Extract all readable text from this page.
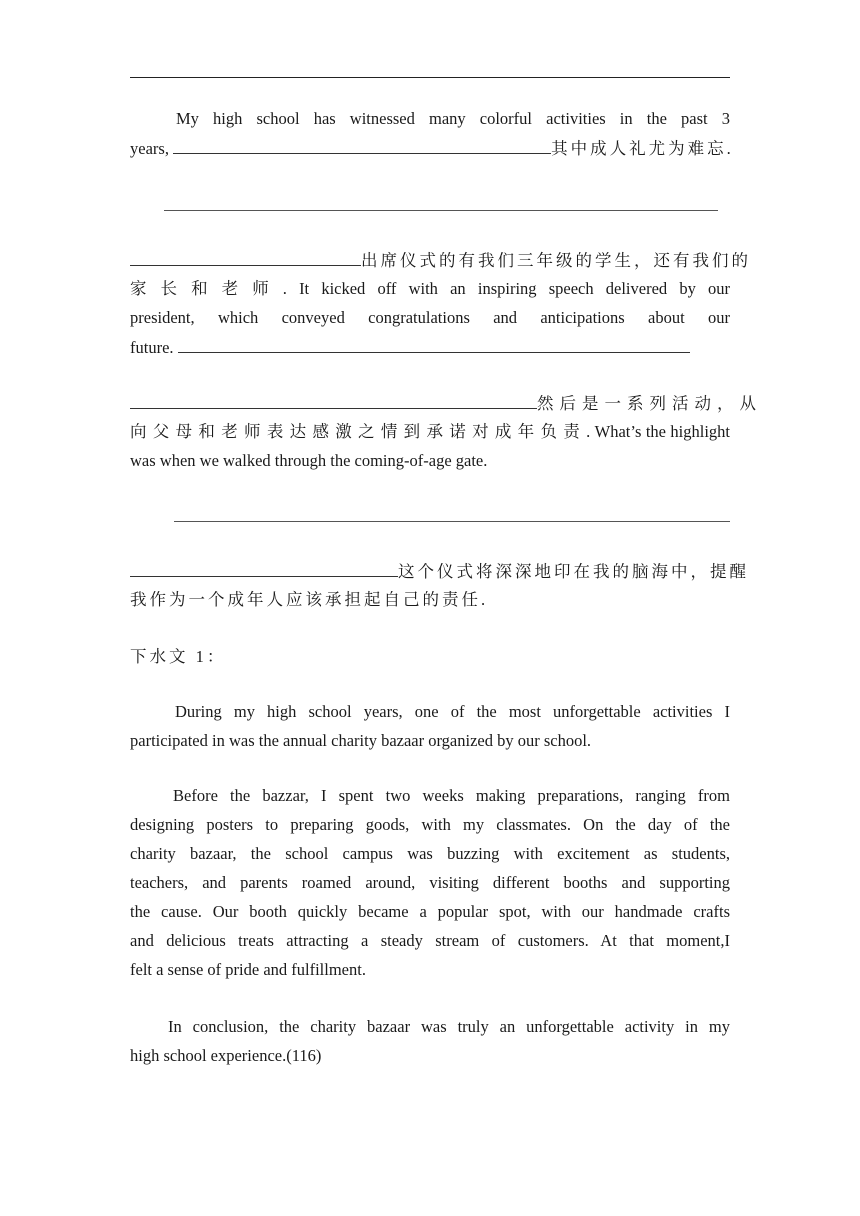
My high school has witnessed many colorful activities in the past 3
years,	其中成人礼尤为难忘.
出席仪式的有我们三年级的学生，还有我们的
家长和老师. It kicked off with an inspiring speech delivered by our
president, which conveyed congratulations and anticipations about our
future.
然后是一系列活动，从
向父母和老师表达感激之情到承诺对成年负责. What’s the highlight
was when we walked through the coming-of-age gate.
这个仪式将深深地印在我的脑海中，提醒
我作为一个成年人应该承担起自己的责任.
下水文 1：
During my high school years, one of the most unforgettable activities I
participated in was the annual charity bazaar organized by our school.
Before the bazzar, I spent two weeks making preparations, ranging from
designing posters to preparing goods, with my classmates. On the day of the
charity bazaar, the school campus was buzzing with excitement as students,
teachers, and parents roamed around, visiting different booths and supporting
the cause. Our booth quickly became a popular spot, with our handmade crafts
and delicious treats attracting a steady stream of customers. At that moment,I
felt a sense of pride and fulfillment.
In conclusion, the charity bazaar was truly an unforgettable activity in my
high school experience.(116)
